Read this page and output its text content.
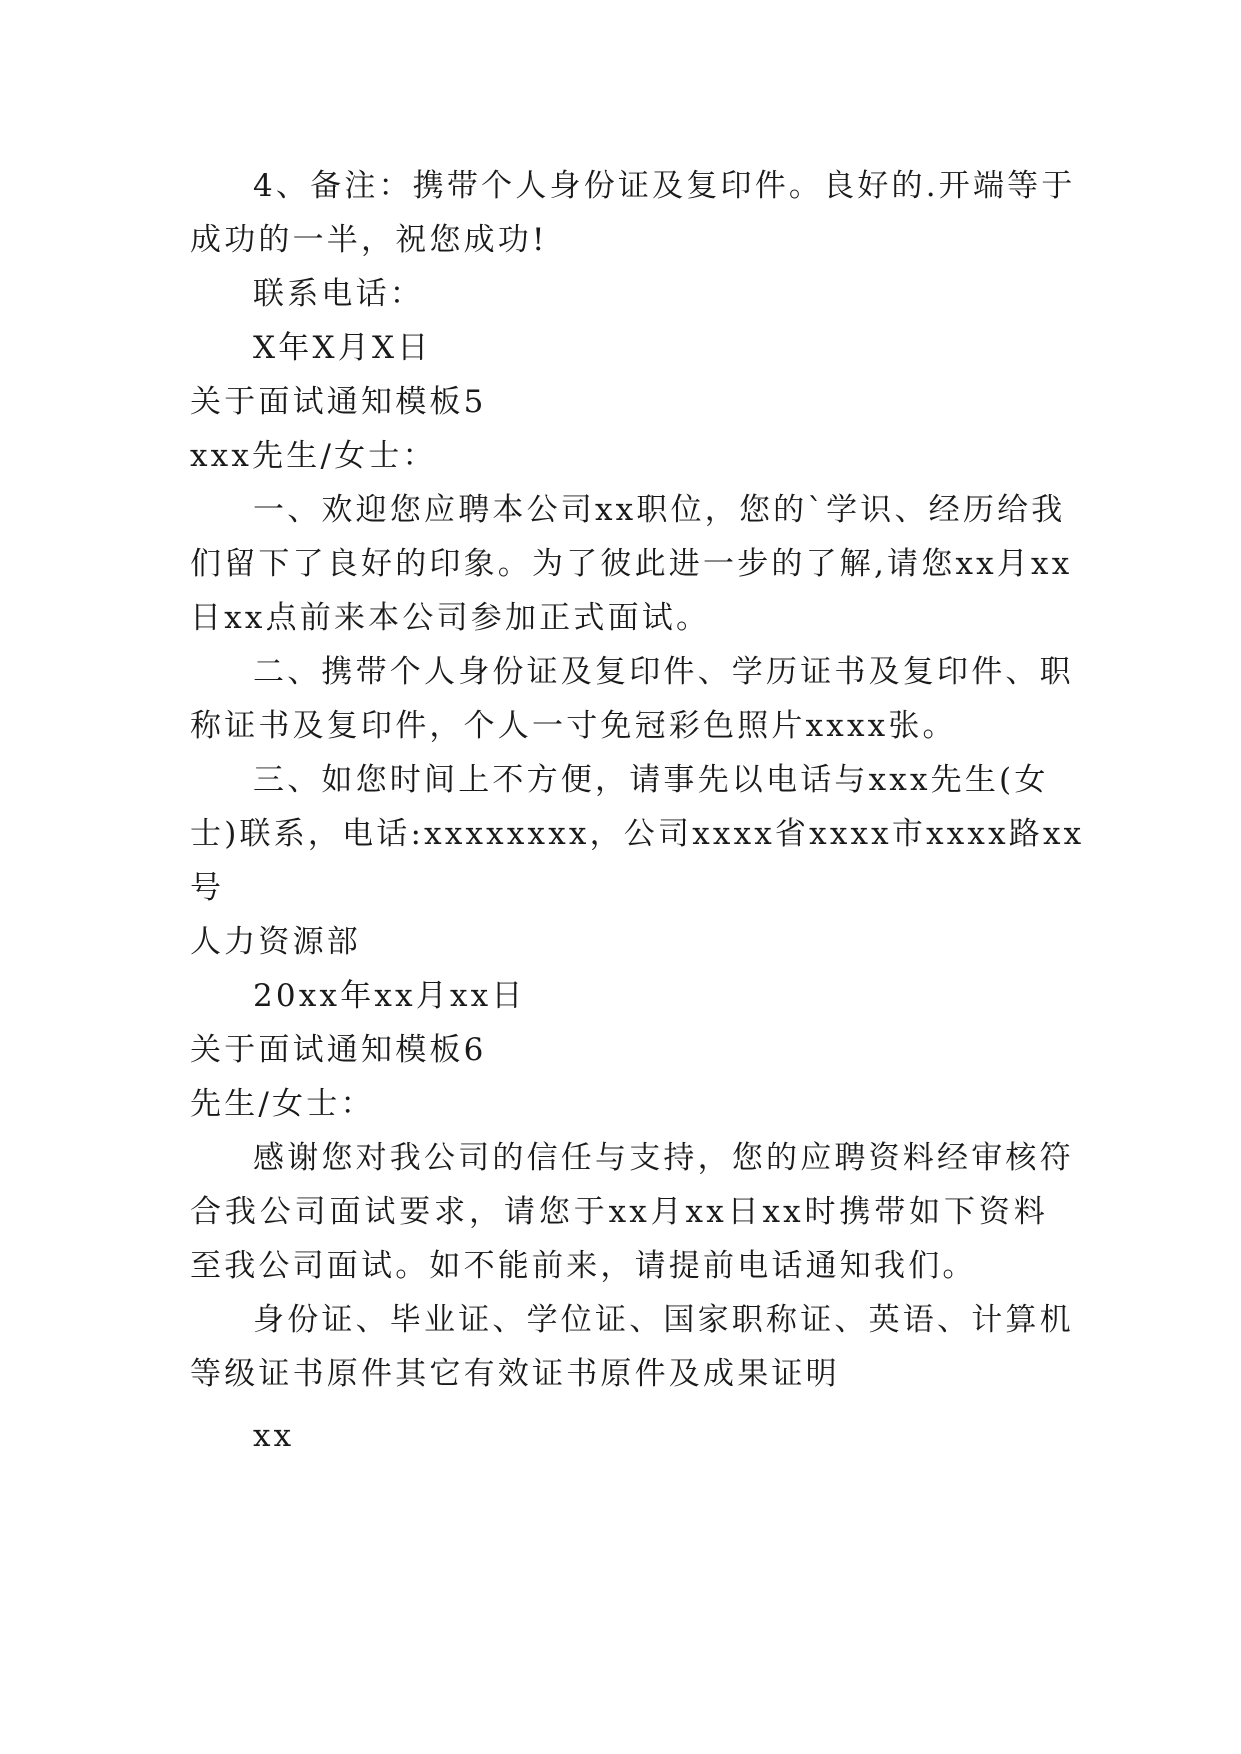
4、备注：携带个人身份证及复印件。良好的.开端等于

成功的一半，祝您成功!

联系电话：

X年X月X日

关于面试通知模板5

xxx先生/女士：

一、欢迎您应聘本公司xx职位，您的`学识、经历给我

们留下了良好的印象。为了彼此进一步的了解,请您xx月xx

日xx点前来本公司参加正式面试。

二、携带个人身份证及复印件、学历证书及复印件、职

称证书及复印件，个人一寸免冠彩色照片xxxx张。

三、如您时间上不方便，请事先以电话与xxx先生(女

士)联系，电话:xxxxxxxx，公司xxxx省xxxx市xxxx路xx

号

人力资源部

20xx年xx月xx日

关于面试通知模板6

先生/女士：

感谢您对我公司的信任与支持，您的应聘资料经审核符

合我公司面试要求，请您于xx月xx日xx时携带如下资料

至我公司面试。如不能前来，请提前电话通知我们。

身份证、毕业证、学位证、国家职称证、英语、计算机

等级证书原件其它有效证书原件及成果证明

xx
